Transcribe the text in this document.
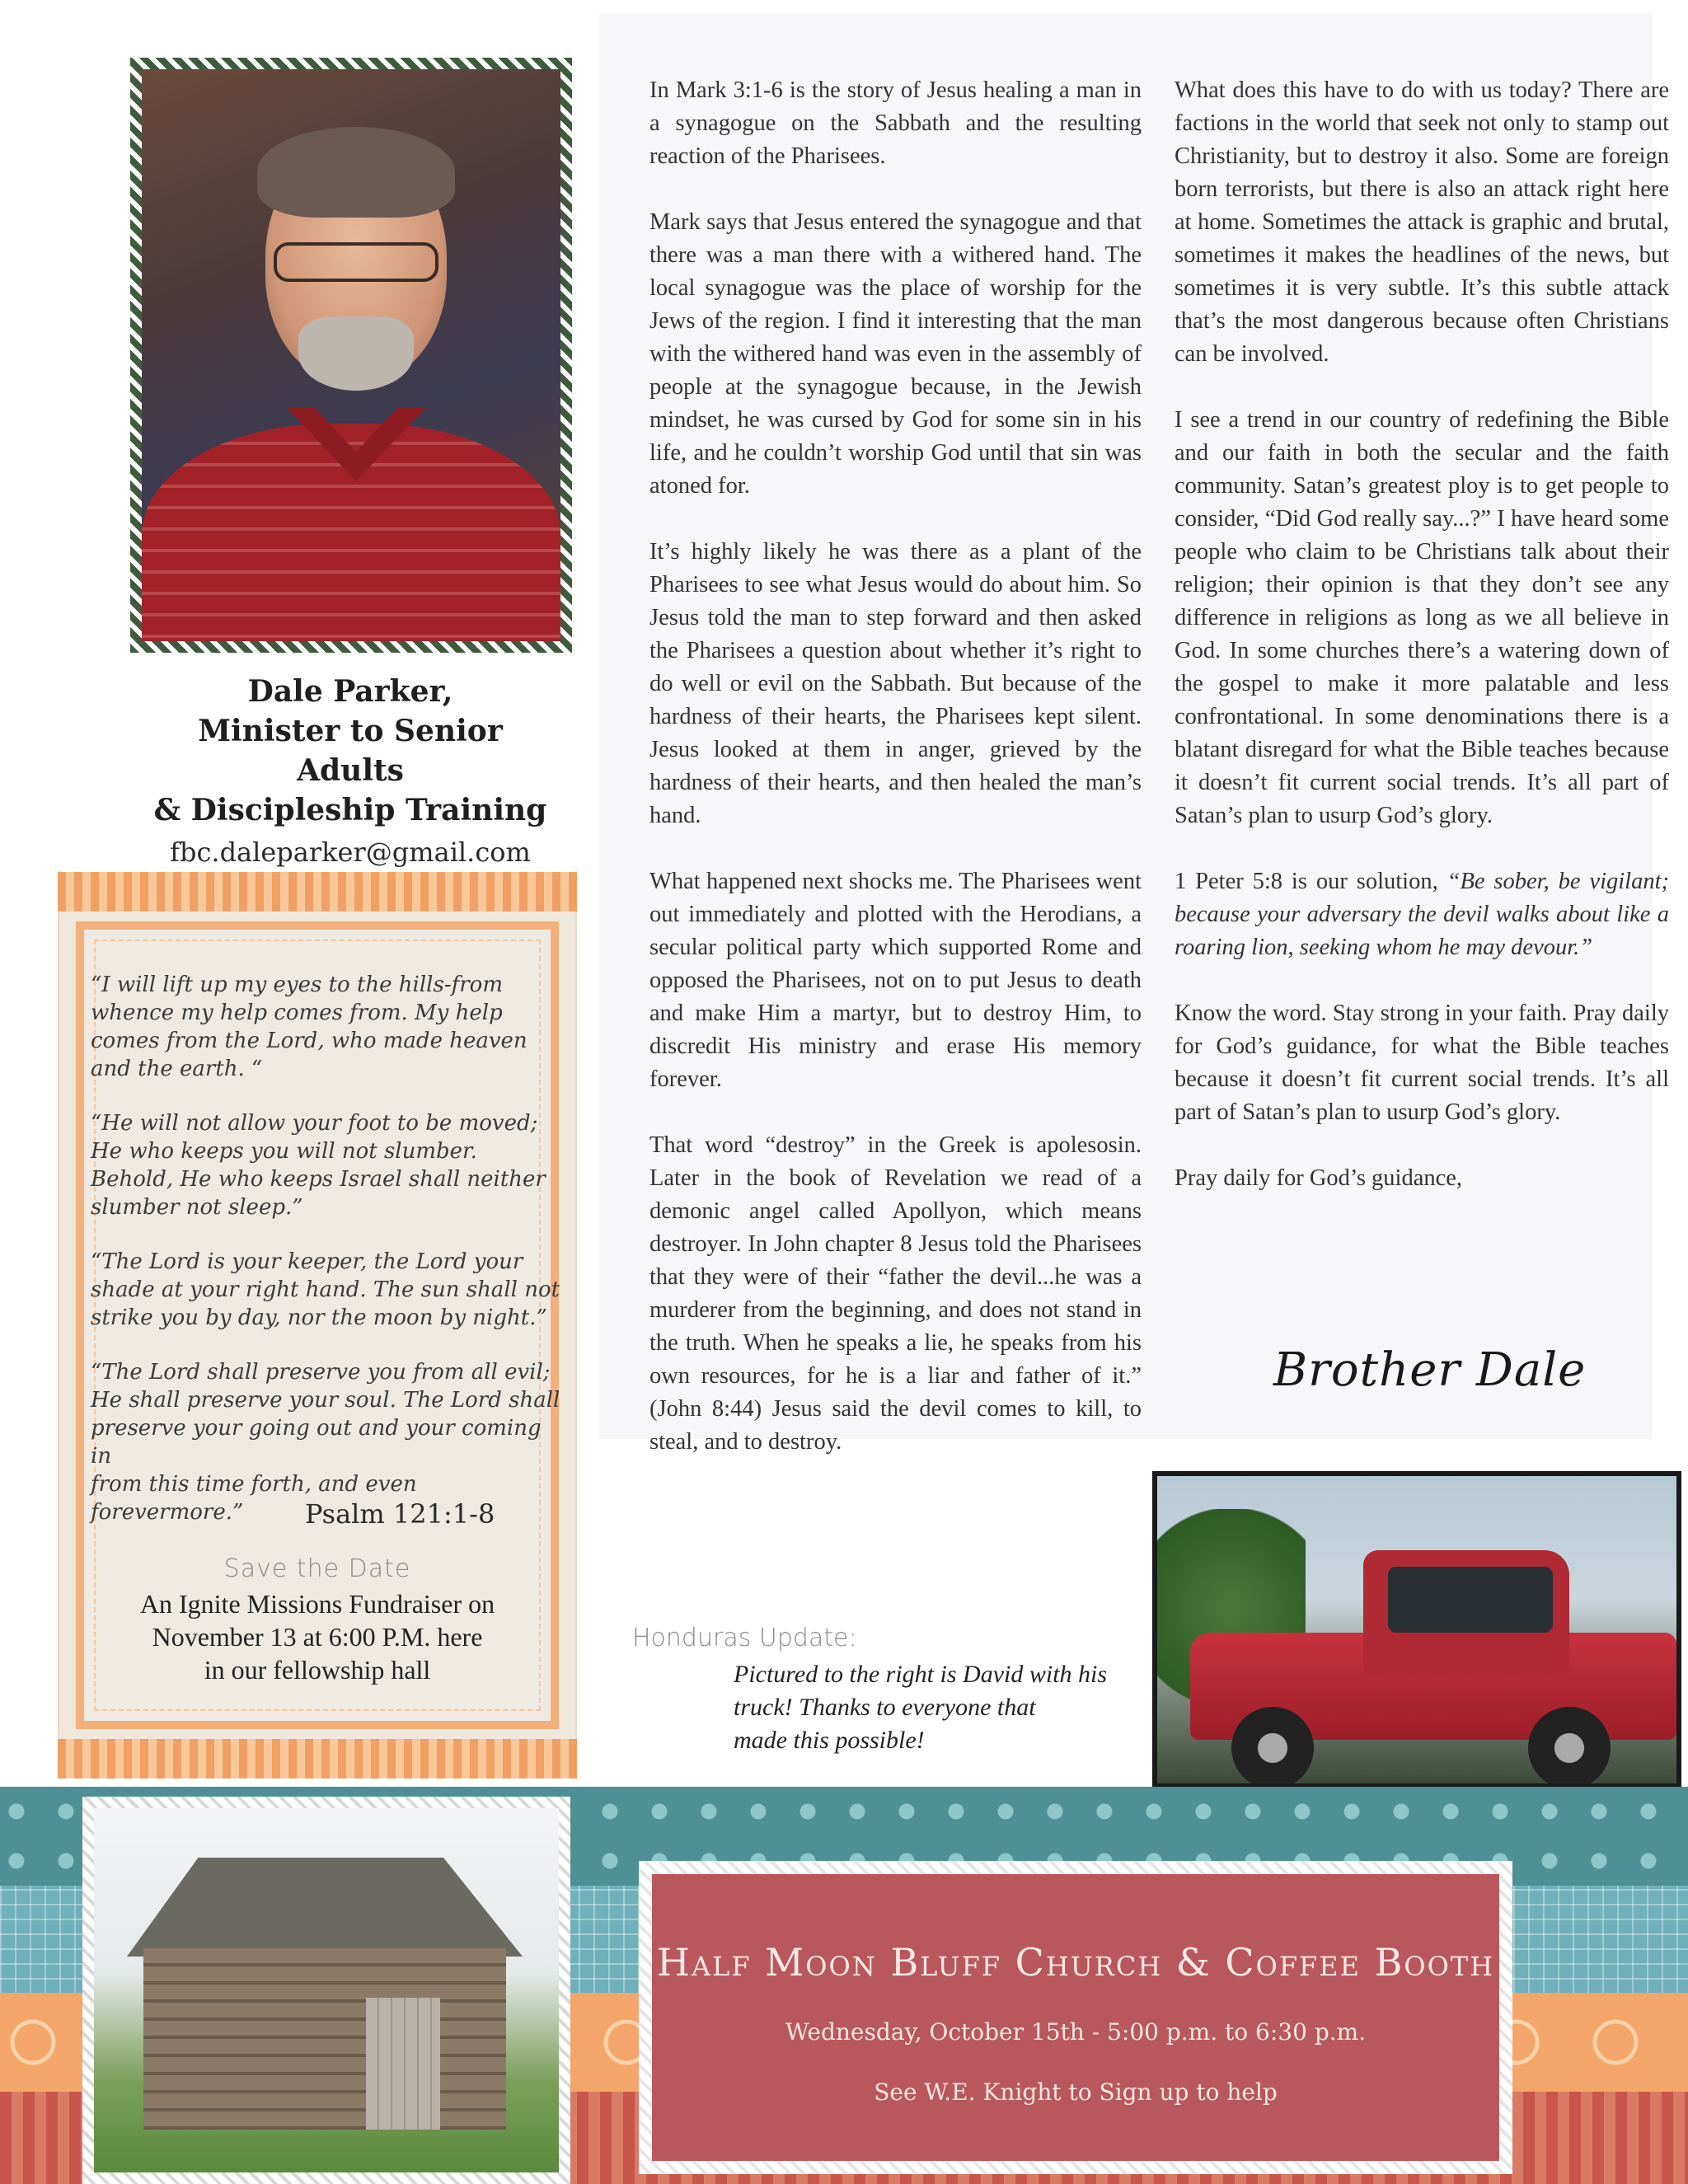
Dale Parker,
Minister to Senior
Adults
& Discipleship Training
fbc.daleparker@gmail.com

“I will lift up my eyes to the hills-from
whence my help comes from. My help
comes from the Lord, who made heaven
and the earth. “

“He will not allow your foot to be moved;
He who keeps you will not slumber.
Behold, He who keeps Israel shall neither
slumber not sleep.”

“The Lord is your keeper, the Lord your
shade at your right hand. The sun shall not
strike you by day, nor the moon by night.”

“The Lord shall preserve you from all evil;
He shall preserve your soul. The Lord shall
preserve your going out and your coming in
from this time forth, and even forevermore.”	Psalm 121:1-8
Save the Date
An Ignite Missions Fundraiser on
November 13 at 6:00 P.M. here
in our fellowship hall

In Mark 3:1-6 is the story of Jesus healing a man in a synagogue on the Sabbath and the resulting reaction of the Pharisees.

Mark says that Jesus entered the synagogue and that there was a man there with a withered hand. The local synagogue was the place of worship for the Jews of the region. I find it interesting that the man with the withered hand was even in the assembly of people at the synagogue because, in the Jewish mindset, he was cursed by God for some sin in his life, and he couldn’t worship God until that sin was atoned for.

It’s highly likely he was there as a plant of the Pharisees to see what Jesus would do about him. So Jesus told the man to step forward and then asked the Pharisees a question about whether it’s right to do well or evil on the Sabbath. But because of the hardness of their hearts, the Pharisees kept silent. Jesus looked at them in anger, grieved by the hardness of their hearts, and then healed the man’s hand.

What happened next shocks me. The Pharisees went out immediately and plotted with the Herodians, a secular political party which supported Rome and opposed the Pharisees, not on to put Jesus to death and make Him a martyr, but to destroy Him, to discredit His ministry and erase His memory forever.

That word “destroy” in the Greek is apolesosin. Later in the book of Revelation we read of a demonic angel called Apollyon, which means destroyer. In John chapter 8 Jesus told the Pharisees that they were of their “father the devil...he was a murderer from the beginning, and does not stand in the truth. When he speaks a lie, he speaks from his own resources, for he is a liar and father of it.” (John 8:44) Jesus said the devil comes to kill, to steal, and to destroy.

What does this have to do with us today? There are factions in the world that seek not only to stamp out Christianity, but to destroy it also. Some are foreign born terrorists, but there is also an attack right here at home. Sometimes the attack is graphic and brutal, sometimes it makes the headlines of the news, but sometimes it is very subtle. It’s this subtle attack that’s the most dangerous because often Christians can be involved.

I see a trend in our country of redefining the Bible and our faith in both the secular and the faith community. Satan’s greatest ploy is to get people to consider, “Did God really say...?” I have heard some people who claim to be Christians talk about their religion; their opinion is that they don’t see any difference in religions as long as we all believe in God. In some churches there’s a watering down of the gospel to make it more palatable and less confrontational. In some denominations there is a blatant disregard for what the Bible teaches because it doesn’t fit current social trends. It’s all part of Satan’s plan to usurp God’s glory.

1 Peter 5:8 is our solution, “Be sober, be vigilant; because your adversary the devil walks about like a roaring lion, seeking whom he may devour.”

Know the word. Stay strong in your faith. Pray daily for God’s guidance, for what the Bible teaches because it doesn’t fit current social trends. It’s all part of Satan’s plan to usurp God’s glory.

Pray daily for God’s guidance,

Brother Dale
Honduras Update:
Pictured to the right is David with his
truck! Thanks to everyone that
made this possible!
Half Moon Bluff Church & Coffee Booth
Wednesday, October 15th - 5:00 p.m. to 6:30 p.m.
See W.E. Knight to Sign up to help
